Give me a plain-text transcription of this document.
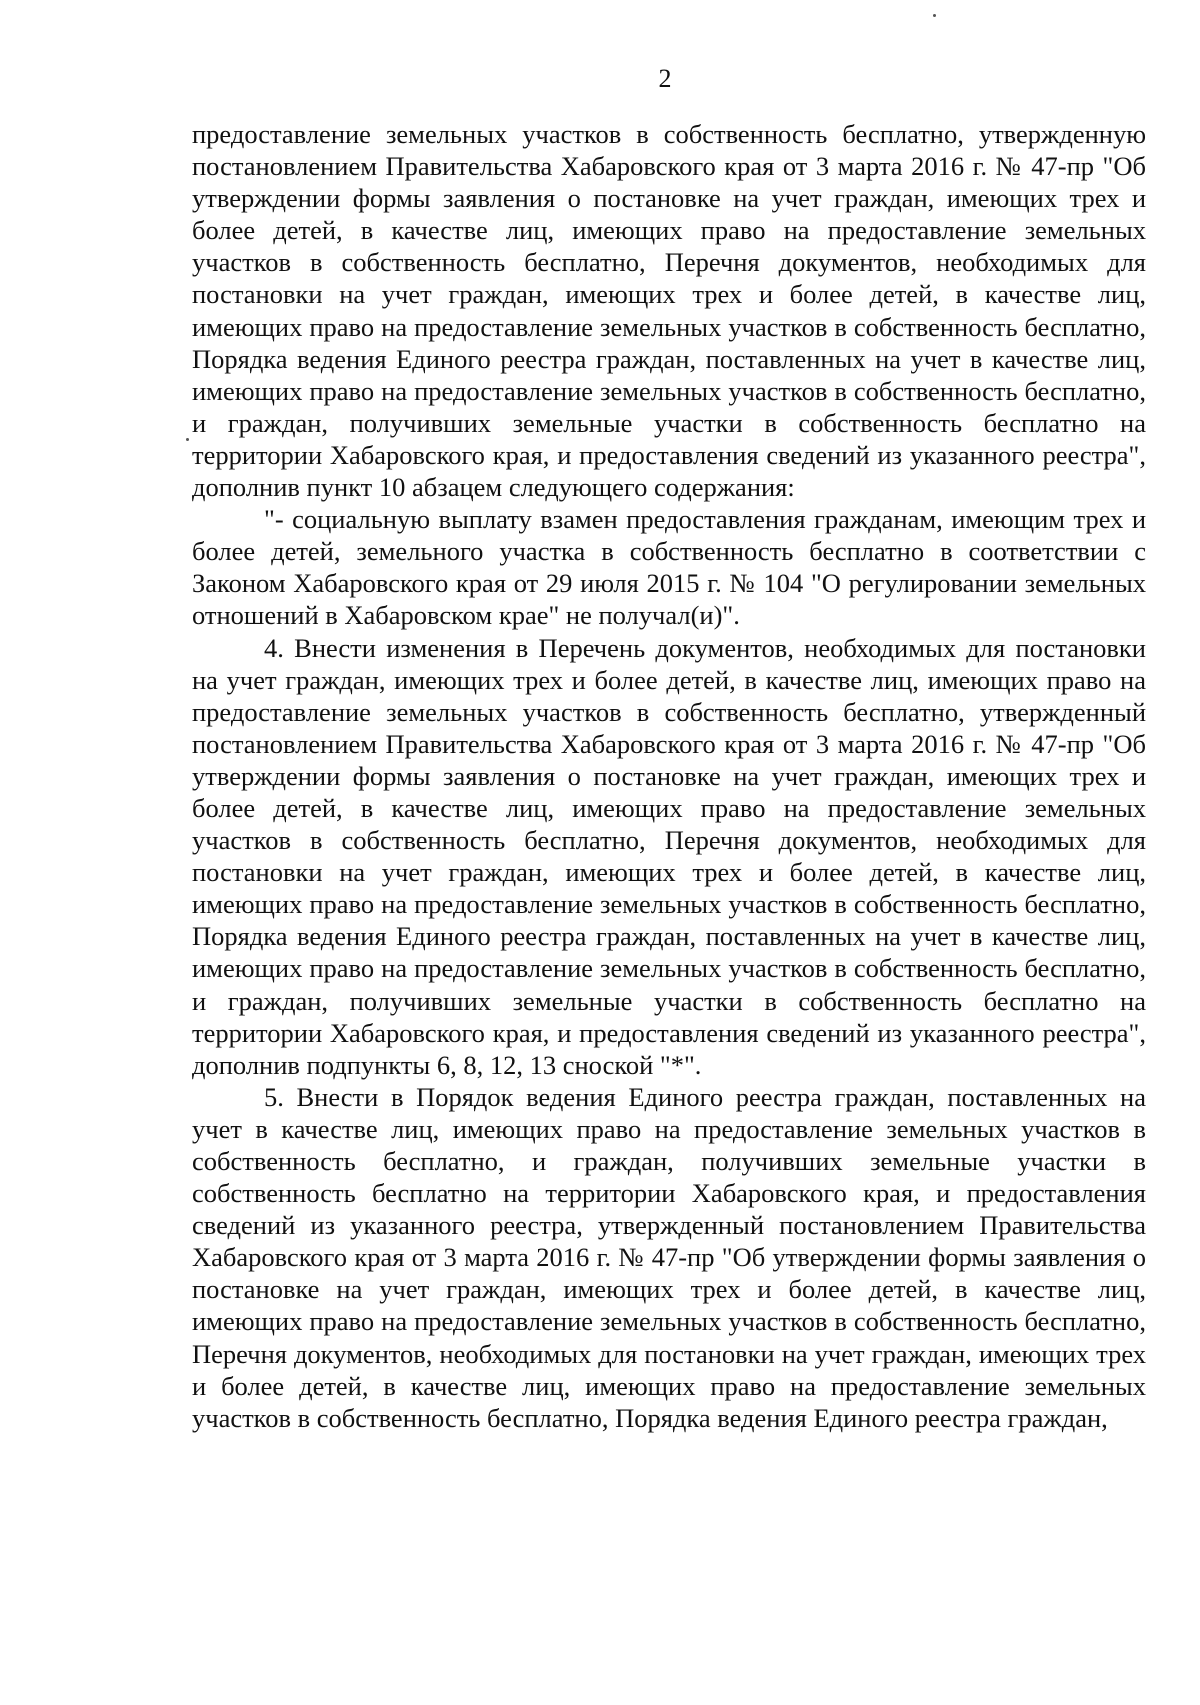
2

предоставление земельных участков в собственность бесплатно, утвержденную постановлением Правительства Хабаровского края от 3 марта 2016 г. № 47-пр "Об утверждении формы заявления о постановке на учет граждан, имеющих трех и более детей, в качестве лиц, имеющих право на предоставление земельных участков в собственность бесплатно, Перечня документов, необходимых для постановки на учет граждан, имеющих трех и более детей, в качестве лиц, имеющих право на предоставление земельных участков в собственность бесплатно, Порядка ведения Единого реестра граждан, поставленных на учет в качестве лиц, имеющих право на предоставление земельных участков в собственность бесплатно, и граждан, получивших земельные участки в собственность бесплатно на территории Хабаровского края, и предоставления сведений из указанного реестра", дополнив пункт 10 абзацем следующего содержания:

"- социальную выплату взамен предоставления гражданам, имеющим трех и более детей, земельного участка в собственность бесплатно в соответствии с Законом Хабаровского края от 29 июля 2015 г. № 104 "О регулировании земельных отношений в Хабаровском крае" не получал(и)".

4. Внести изменения в Перечень документов, необходимых для постановки на учет граждан, имеющих трех и более детей, в качестве лиц, имеющих право на предоставление земельных участков в собственность бесплатно, утвержденный постановлением Правительства Хабаровского края от 3 марта 2016 г. № 47-пр "Об утверждении формы заявления о постановке на учет граждан, имеющих трех и более детей, в качестве лиц, имеющих право на предоставление земельных участков в собственность бесплатно, Перечня документов, необходимых для постановки на учет граждан, имеющих трех и более детей, в качестве лиц, имеющих право на предоставление земельных участков в собственность бесплатно, Порядка ведения Единого реестра граждан, поставленных на учет в качестве лиц, имеющих право на предоставление земельных участков в собственность бесплатно, и граждан, получивших земельные участки в собственность бесплатно на территории Хабаровского края, и предоставления сведений из указанного реестра", дополнив подпункты 6, 8, 12, 13 сноской "*".

5. Внести в Порядок ведения Единого реестра граждан, поставленных на учет в качестве лиц, имеющих право на предоставление земельных участков в собственность бесплатно, и граждан, получивших земельные участки в собственность бесплатно на территории Хабаровского края, и предоставления сведений из указанного реестра, утвержденный постановлением Правительства Хабаровского края от 3 марта 2016 г. № 47-пр "Об утверждении формы заявления о постановке на учет граждан, имеющих трех и более детей, в качестве лиц, имеющих право на предоставление земельных участков в собственность бесплатно, Перечня документов, необходимых для постановки на учет граждан, имеющих трех и более детей, в качестве лиц, имеющих право на предоставление земельных участков в собственность бесплатно, Порядка ведения Единого реестра граждан,
